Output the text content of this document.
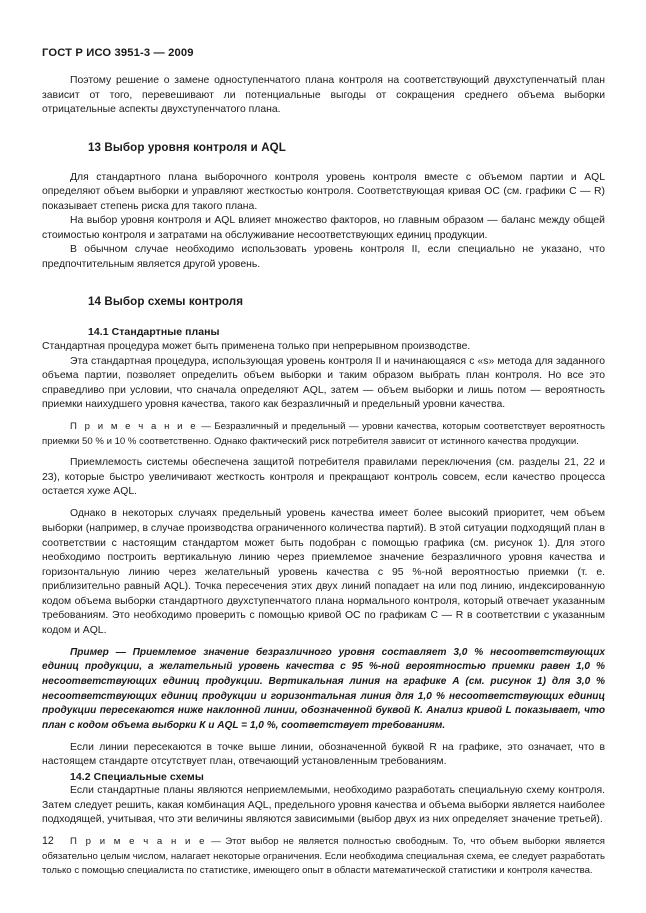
ГОСТ Р ИСО 3951-3 — 2009

Поэтому решение о замене одноступенчатого плана контроля на соответствующий двухступенчатый план зависит от того, перевешивают ли потенциальные выгоды от сокращения среднего объема выборки отрицательные аспекты двухступенчатого плана.

13 Выбор уровня контроля и AQL

Для стандартного плана выборочного контроля уровень контроля вместе с объемом партии и AQL определяют объем выборки и управляют жесткостью контроля. Соответствующая кривая ОС (см. графики С — R) показывает степень риска для такого плана.

На выбор уровня контроля и AQL влияет множество факторов, но главным образом — баланс между общей стоимостью контроля и затратами на обслуживание несоответствующих единиц продукции.

В обычном случае необходимо использовать уровень контроля II, если специально не указано, что предпочтительным является другой уровень.

14 Выбор схемы контроля
14.1 Стандартные планы

Стандартная процедура может быть применена только при непрерывном производстве.

Эта стандартная процедура, использующая уровень контроля II и начинающаяся с «s» метода для заданного объема партии, позволяет определить объем выборки и таким образом выбрать план контроля. Но все это справедливо при условии, что сначала определяют AQL, затем — объем выборки и лишь потом — вероятность приемки наихудшего уровня качества, такого как безразличный и предельный уровни качества.

П р и м е ч а н и е — Безразличный и предельный — уровни качества, которым соответствует вероятность приемки 50 % и 10 % соответственно. Однако фактический риск потребителя зависит от истинного качества продукции.

Приемлемость системы обеспечена защитой потребителя правилами переключения (см. разделы 21, 22 и 23), которые быстро увеличивают жесткость контроля и прекращают контроль совсем, если качество процесса остается хуже AQL.

Однако в некоторых случаях предельный уровень качества имеет более высокий приоритет, чем объем выборки (например, в случае производства ограниченного количества партий). В этой ситуации подходящий план в соответствии с настоящим стандартом может быть подобран с помощью графика (см. рисунок 1). Для этого необходимо построить вертикальную линию через приемлемое значение безразличного уровня качества и горизонтальную линию через желательный уровень качества с 95 %-ной вероятностью приемки (т. е. приблизительно равный AQL). Точка пересечения этих двух линий попадает на или под линию, индексированную кодом объема выборки стандартного двухступенчатого плана нормального контроля, который отвечает указанным требованиям. Это необходимо проверить с помощью кривой ОС по графикам С — R в соответствии с указанным кодом и AQL.

Пример — Приемлемое значение безразличного уровня составляет 3,0 % несоответствующих единиц продукции, а желательный уровень качества с 95 %-ной вероятностью приемки равен 1,0 % несоответствующих единиц продукции. Вертикальная линия на графике А (см. рисунок 1) для 3,0 % несоответствующих единиц продукции и горизонтальная линия для 1,0 % несоответствующих единиц продукции пересекаются ниже наклонной линии, обозначенной буквой К. Анализ кривой L показывает, что план с кодом объема выборки К и AQL = 1,0 %, соответствует требованиям.

Если линии пересекаются в точке выше линии, обозначенной буквой R на графике, это означает, что в настоящем стандарте отсутствует план, отвечающий установленным требованиям.

14.2 Специальные схемы

Если стандартные планы являются неприемлемыми, необходимо разработать специальную схему контроля. Затем следует решить, какая комбинация AQL, предельного уровня качества и объема выборки является наиболее подходящей, учитывая, что эти величины являются зависимыми (выбор двух из них определяет значение третьей).

П р и м е ч а н и е — Этот выбор не является полностью свободным. То, что объем выборки является обязательно целым числом, налагает некоторые ограничения. Если необходима специальная схема, ее следует разработать только с помощью специалиста по статистике, имеющего опыт в области математической статистики и контроля качества.

12
